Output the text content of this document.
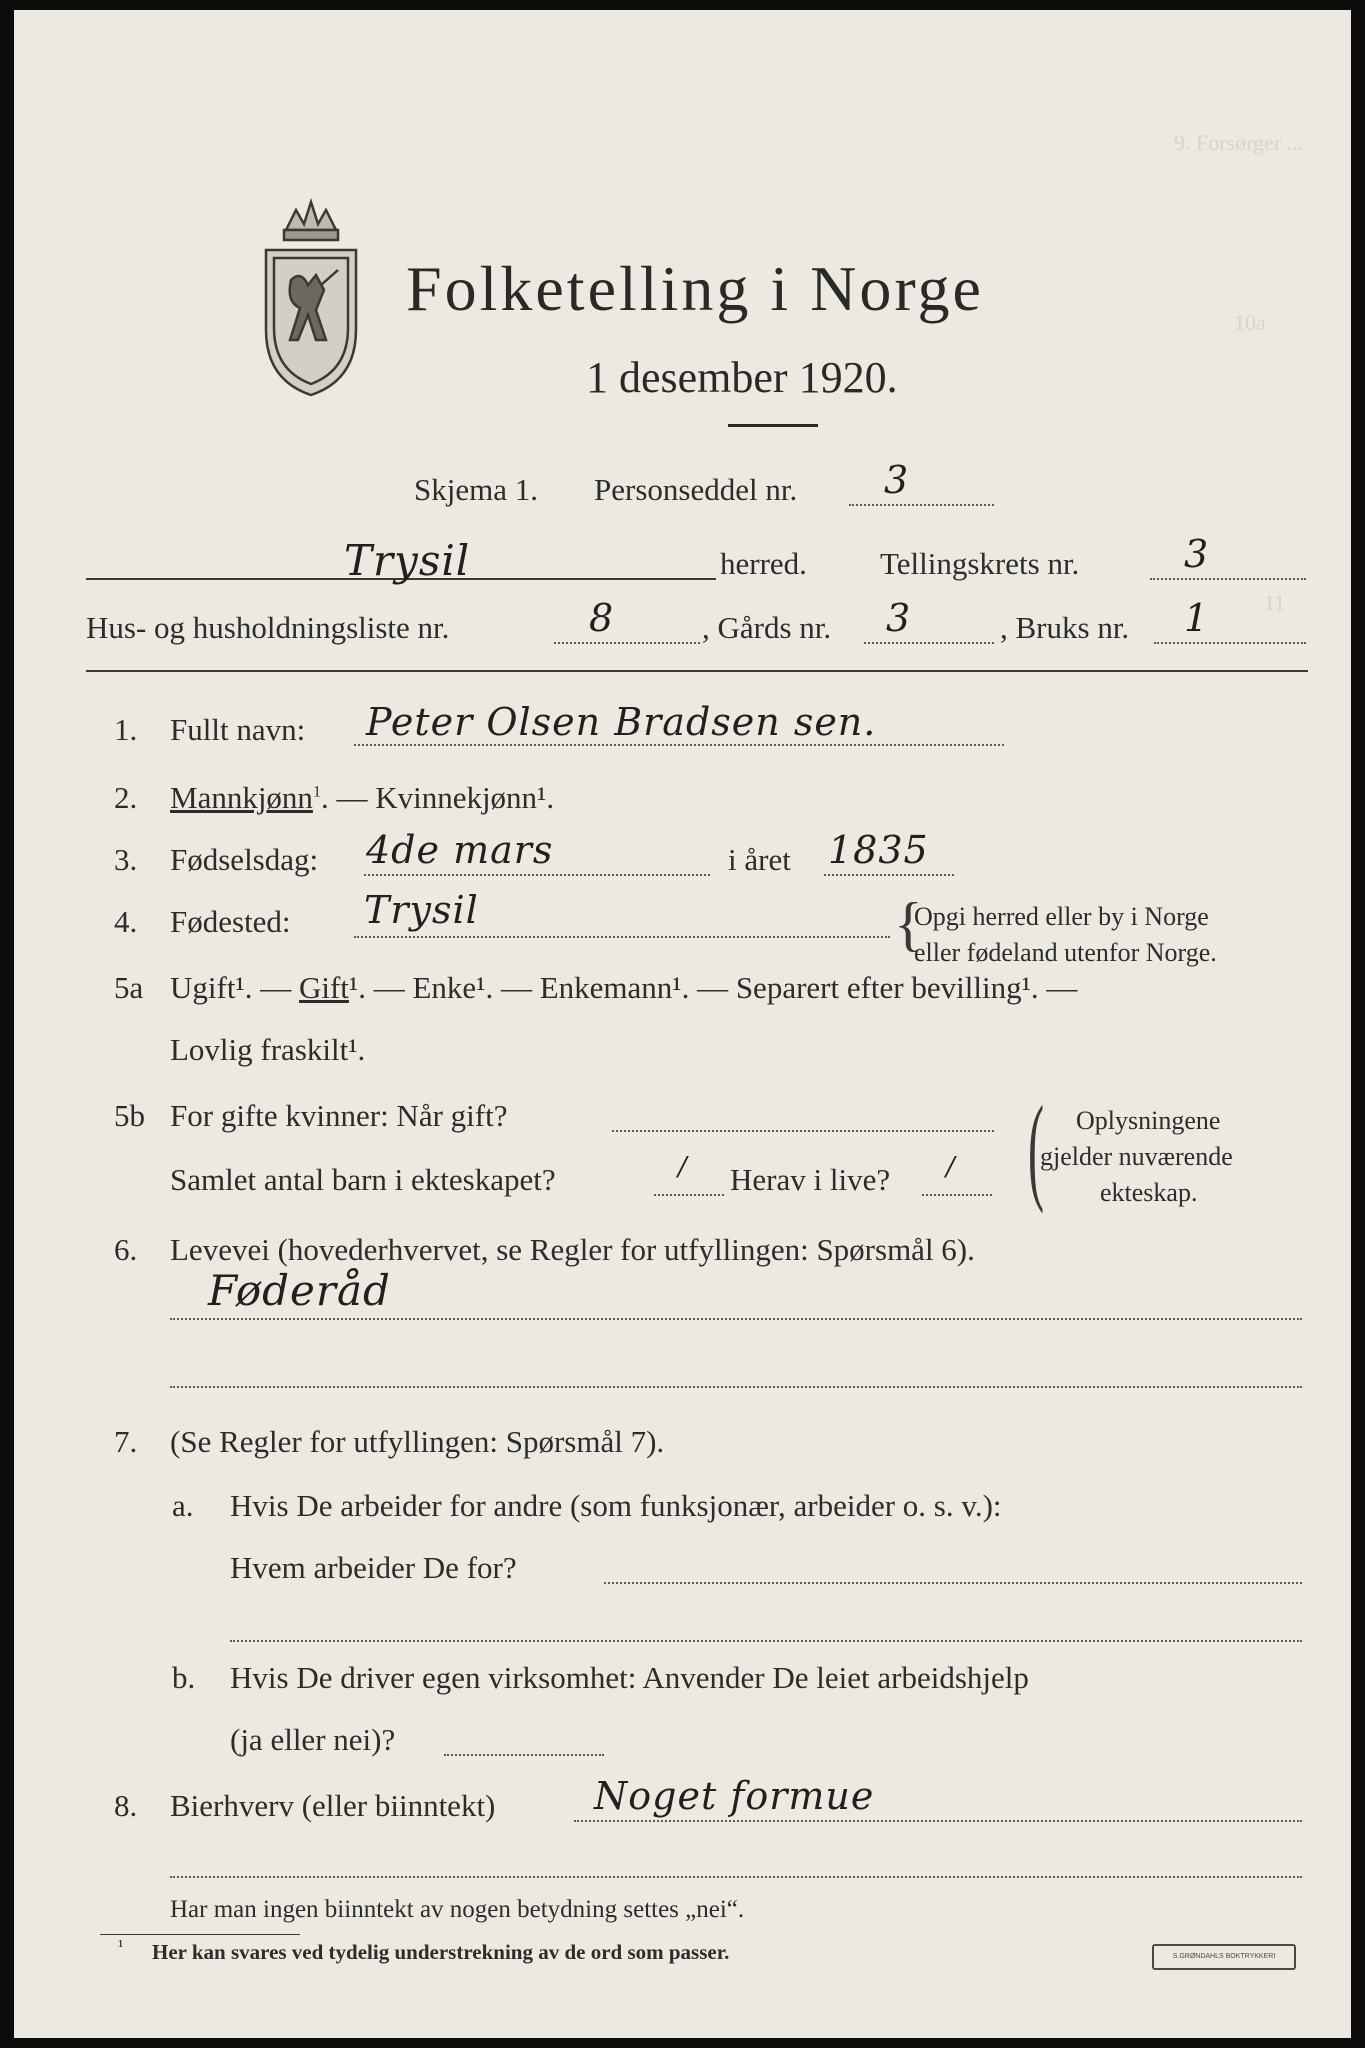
9. Forsørger ...
10a
11
Folketelling i Norge
1 desember 1920.
Skjema 1. Personseddel nr. 3
Trysil	herred. Tellingskrets nr.	3
Hus- og husholdningsliste nr.	8	, Gårds nr. 3	, Bruks nr. 1
1. Fullt navn: Peter Olsen Bradsen sen.
2. Mannkjønn$^1$. — Kvinnekjønn¹.
3. Fødselsdag: 4de mars	i året 1835
4. Fødested: Trysil	{
Opgi herred eller by i Norge
eller fødeland utenfor Norge.
5a Ugift¹. — Gift¹. — Enke¹. — Enkemann¹. — Separert efter bevilling¹. —
Lovlig fraskilt¹.
5b For gifte kvinner: Når gift?
Samlet antal barn i ekteskapet?	/ Herav i live? / ( Oplysningene
gjelder nuværende
ekteskap.
6. Levevei (hovederhvervet, se Regler for utfyllingen: Spørsmål 6).
Føderåd
7. (Se Regler for utfyllingen: Spørsmål 7).
a. Hvis De arbeider for andre (som funksjonær, arbeider o. s. v.):
Hvem arbeider De for?
b. Hvis De driver egen virksomhet: Anvender De leiet arbeidshjelp
(ja eller nei)?
8. Bierhverv (eller biinntekt)	Noget formue
Har man ingen biinntekt av nogen betydning settes „nei“.
¹ Her kan svares ved tydelig understrekning av de ord som passer.	S.GRØNDAHLS BOKTRYKKERI
